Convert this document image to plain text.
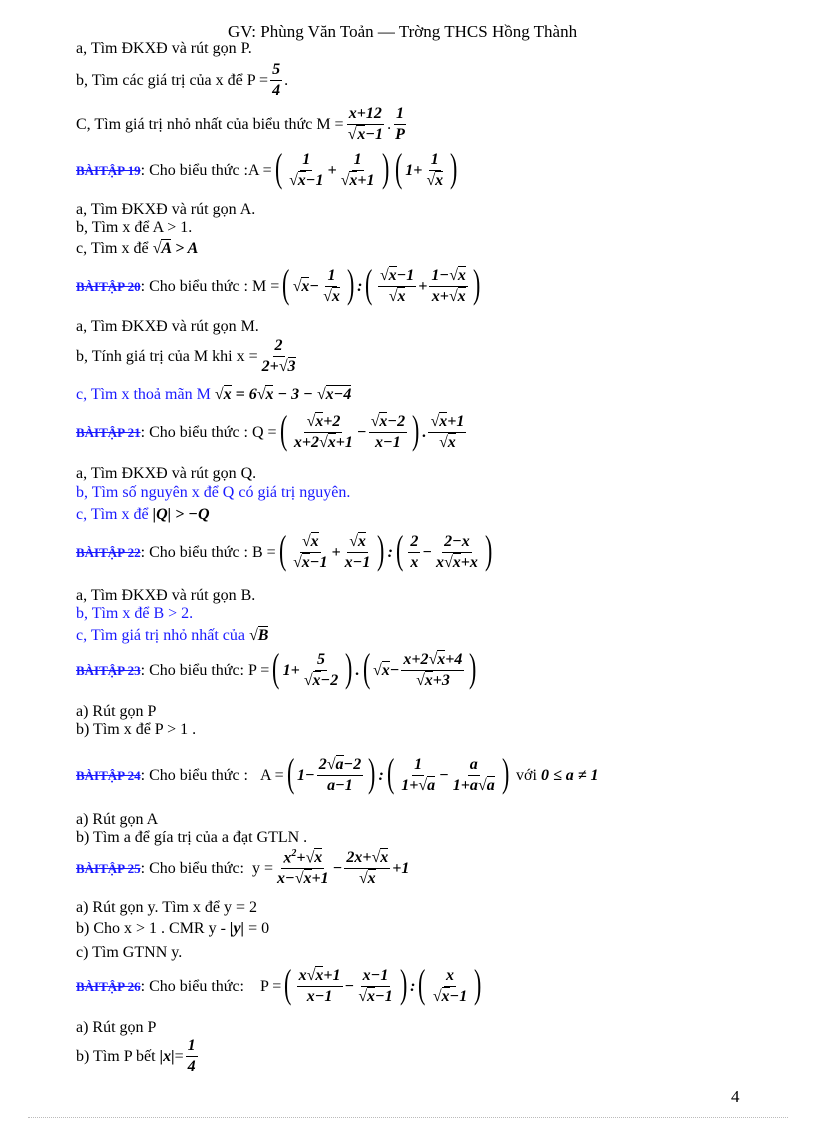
GV: Phùng Văn Toản — Trờng THCS Hồng Thành
a, Tìm ĐKXĐ và rút gọn P.
b, Tìm các giá trị của x để $P = \frac{5}{4}$ .
C, Tìm giá trị nhỏ nhất của biểu thức $M = \frac{x+12}{√x-1}$ . $\frac{1}{P}$
BÀITẬP 19 : Cho biểu thức :A = ( $\frac{1}{√x-1} + \frac{1}{√x+1}$ ) ( $1+ \frac{1}{√x}$ )
a, Tìm ĐKXĐ và rút gọn A.
b, Tìm x để A > 1.
c, Tìm x để √A > A
BÀITẬP 20 : Cho biểu thức : M = ( √ $x - \frac{1}{√x}$ ) : ( $\frac{√x-1}{√x} + \frac{1-√x}{x+√x}$ )
a, Tìm ĐKXĐ và rút gọn M.
b, Tính giá trị của M khi $x = \frac{2}{2+√3}$
c, Tìm x thoả mãn M √x = 6√x − 3 − √x−4
BÀITẬP 21 : Cho biểu thức : Q = ( $\frac{√x+2}{x+2√x+1} - \frac{√x-2}{x-1}$ ) . $\frac{√x+1}{√x}$
a, Tìm ĐKXĐ và rút gọn Q.
b, Tìm số nguyên x để Q có giá trị nguyên.
c, Tìm x để |Q| > −Q
BÀITẬP 22 : Cho biểu thức : B = ( $\frac{√x}{√x-1} + \frac{√x}{x-1}$ ) : ( $\frac{2}{x} - \frac{2-x}{x√x+x}$ )
a, Tìm ĐKXĐ và rút gọn B.
b, Tìm x để B > 2.
c, Tìm giá trị nhỏ nhất của √B
BÀITẬP 23 : Cho biểu thức: P = ( $1+ \frac{5}{√x-2}$ ) . ( √ $x - \frac{x+2√x+4}{√x+3}$ )
a) Rút gọn P
b) Tìm x để P > 1 .
BÀITẬP 24 : Cho biểu thức : A = ( $1- \frac{2√a-2}{a-1}$ ) : ( $\frac{1}{1+√a} - \frac{a}{1+a√a}$ )
với
0 ≤ a ≠ 1
a) Rút gọn A
b) Tìm a để gía trị của a đạt GTLN .
BÀITẬP 25 : Cho biểu thức: $y = \frac{x^2+√x}{x-√x+1} - \frac{2x+√x}{√x} +1$
a) Rút gọn y. Tìm x để y = 2
b) Cho x > 1 . CMR y - |y| = 0
c) Tìm GTNN y.
BÀITẬP 26 : Cho biểu thức: P = ( $\frac{x√x+1}{x-1} - \frac{x-1}{√x-1}$ ) : ( $\frac{x}{√x-1}$ )
a) Rút gọn P
b) Tìm P bết
$|x| = \frac{1}{4}$
4
